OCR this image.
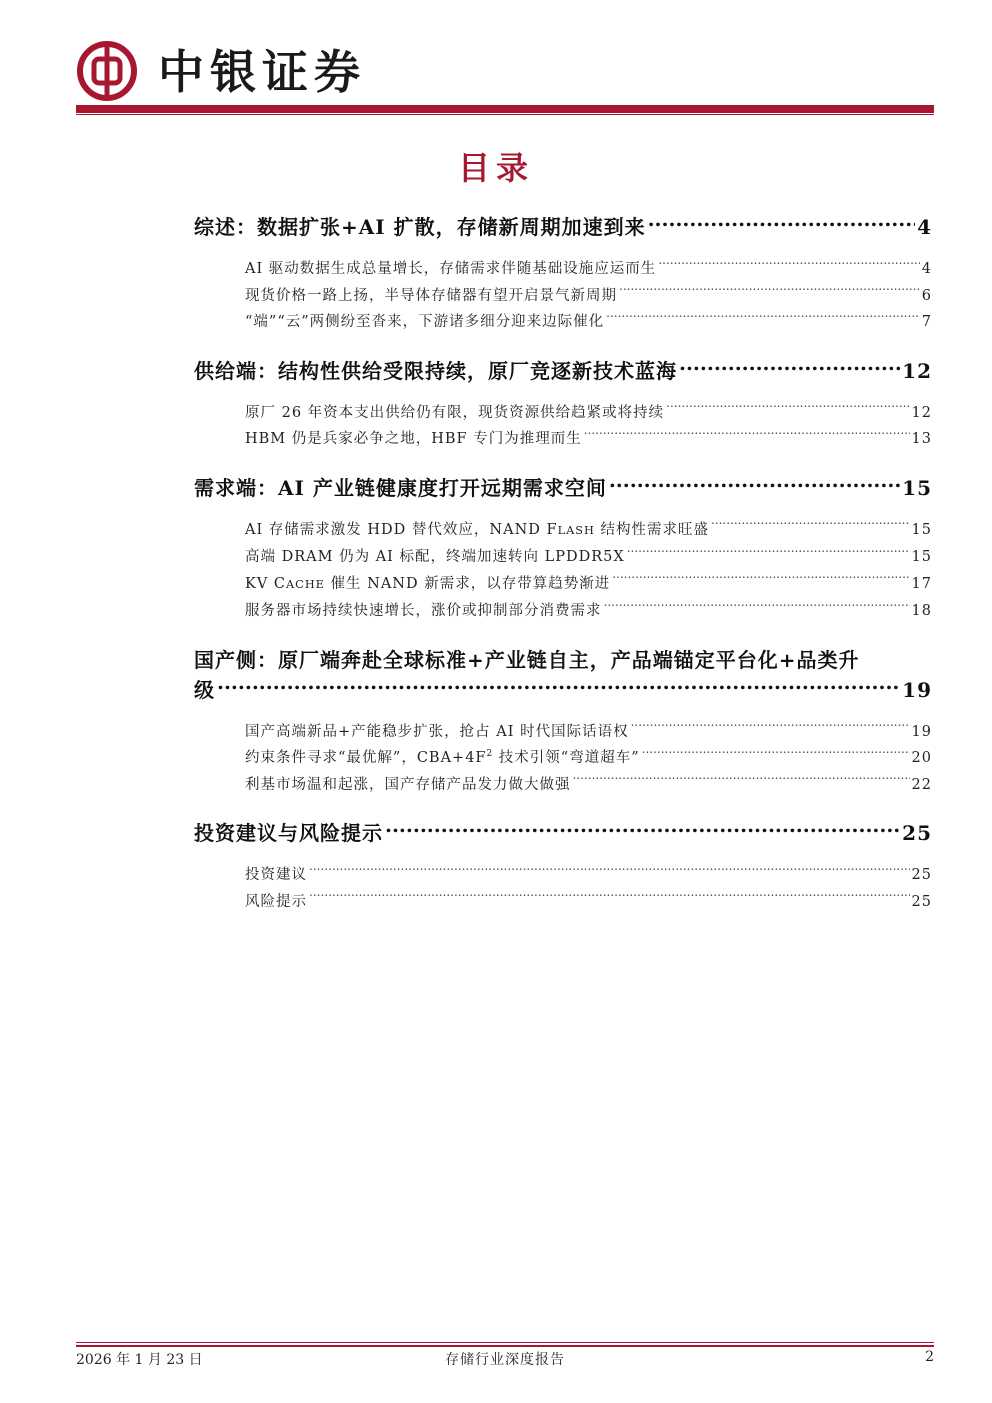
中银证券
目录
综述：数据扩张+AI 扩散，存储新周期加速到来 .....	4
AI 驱动数据生成总量增长，存储需求伴随基础设施应运而生 .....	4
现货价格一路上扬，半导体存储器有望开启景气新周期 .....	6
“端”“云”两侧纷至沓来，下游诸多细分迎来边际催化 .....	7
供给端：结构性供给受限持续，原厂竞逐新技术蓝海 .....	12
原厂 26 年资本支出供给仍有限，现货资源供给趋紧或将持续 .....	12
HBM 仍是兵家必争之地，HBF 专门为推理而生 .....	13
需求端：AI 产业链健康度打开远期需求空间 .....	15
AI 存储需求激发 HDD 替代效应，NAND FLASH 结构性需求旺盛 .....	15
高端 DRAM 仍为 AI 标配，终端加速转向 LPDDR5X .....	15
KV CACHE 催生 NAND 新需求，以存带算趋势渐进 .....	17
服务器市场持续快速增长，涨价或抑制部分消费需求 .....	18
国产侧：原厂端奔赴全球标准+产业链自主，产品端锚定平台化+品类升
级 .....	19
国产高端新品+产能稳步扩张，抢占 AI 时代国际话语权 .....	19
约束条件寻求“最优解”，$CBA+4F^2$ 技术引领“弯道超车” .....	20
利基市场温和起涨，国产存储产品发力做大做强 .....	22
投资建议与风险提示 .....	25
投资建议 .....	25
风险提示 .....	25
2026 年 1 月 23 日	存储行业深度报告	2
